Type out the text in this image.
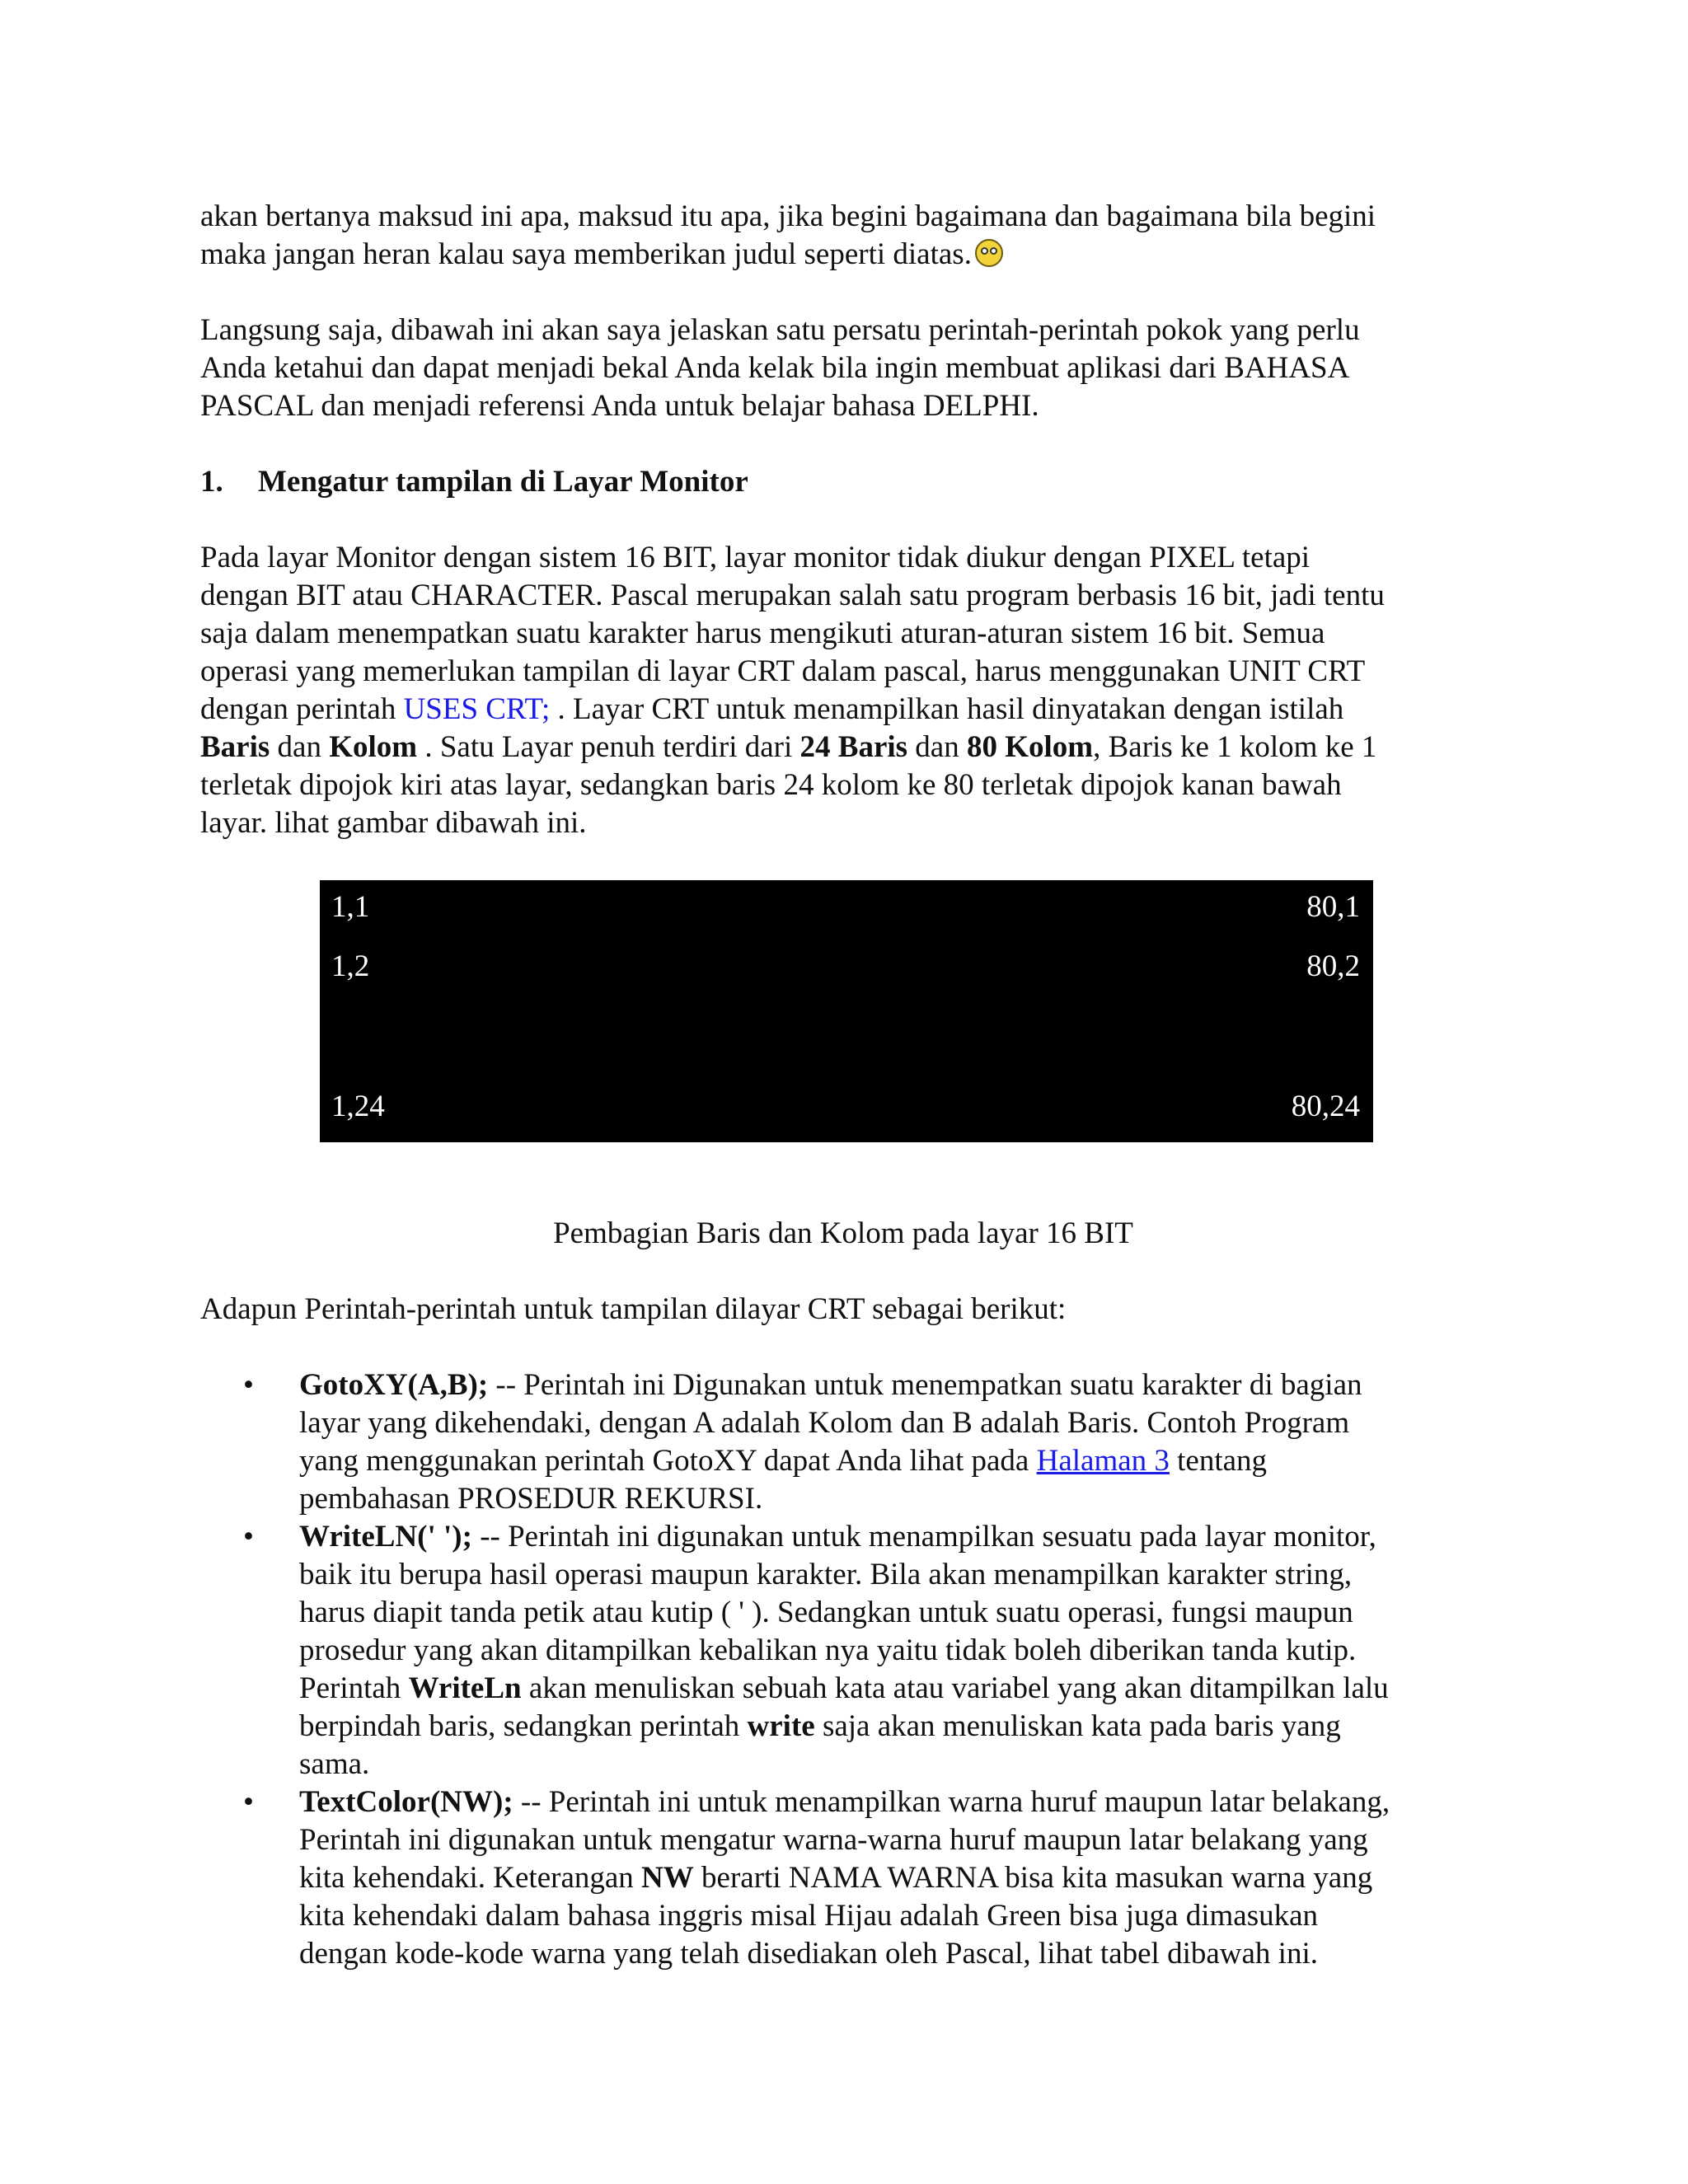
akan bertanya maksud ini apa, maksud itu apa, jika begini bagaimana dan bagaimana bila begini

maka jangan heran kalau saya memberikan judul seperti diatas.

Langsung saja, dibawah ini akan saya jelaskan satu persatu perintah-perintah pokok yang perlu

Anda ketahui dan dapat menjadi bekal Anda kelak bila ingin membuat aplikasi dari BAHASA

PASCAL dan menjadi referensi Anda untuk belajar bahasa DELPHI.

1. Mengatur tampilan di Layar Monitor

Pada layar Monitor dengan sistem 16 BIT, layar monitor tidak diukur dengan PIXEL tetapi

dengan BIT atau CHARACTER. Pascal merupakan salah satu program berbasis 16 bit, jadi tentu

saja dalam menempatkan suatu karakter harus mengikuti aturan-aturan sistem 16 bit. Semua

operasi yang memerlukan tampilan di layar CRT dalam pascal, harus menggunakan UNIT CRT

dengan perintah USES CRT; . Layar CRT untuk menampilkan hasil dinyatakan dengan istilah

Baris dan Kolom . Satu Layar penuh terdiri dari 24 Baris dan 80 Kolom, Baris ke 1 kolom ke 1

terletak dipojok kiri atas layar, sedangkan baris 24 kolom ke 80 terletak dipojok kanan bawah

layar. lihat gambar dibawah ini.

1,1	80,1
1,2	80,2
1,24	80,24

Pembagian Baris dan Kolom pada layar 16 BIT

Adapun Perintah-perintah untuk tampilan dilayar CRT sebagai berikut:

• GotoXY(A,B); -- Perintah ini Digunakan untuk menempatkan suatu karakter di bagian

layar yang dikehendaki, dengan A adalah Kolom dan B adalah Baris. Contoh Program

yang menggunakan perintah GotoXY dapat Anda lihat pada Halaman 3 tentang

pembahasan PROSEDUR REKURSI.

• WriteLN(' '); -- Perintah ini digunakan untuk menampilkan sesuatu pada layar monitor,

baik itu berupa hasil operasi maupun karakter. Bila akan menampilkan karakter string,

harus diapit tanda petik atau kutip ( ' ). Sedangkan untuk suatu operasi, fungsi maupun

prosedur yang akan ditampilkan kebalikan nya yaitu tidak boleh diberikan tanda kutip.

Perintah WriteLn akan menuliskan sebuah kata atau variabel yang akan ditampilkan lalu

berpindah baris, sedangkan perintah write saja akan menuliskan kata pada baris yang

sama.

• TextColor(NW); -- Perintah ini untuk menampilkan warna huruf maupun latar belakang,

Perintah ini digunakan untuk mengatur warna-warna huruf maupun latar belakang yang

kita kehendaki. Keterangan NW berarti NAMA WARNA bisa kita masukan warna yang

kita kehendaki dalam bahasa inggris misal Hijau adalah Green bisa juga dimasukan

dengan kode-kode warna yang telah disediakan oleh Pascal, lihat tabel dibawah ini.
